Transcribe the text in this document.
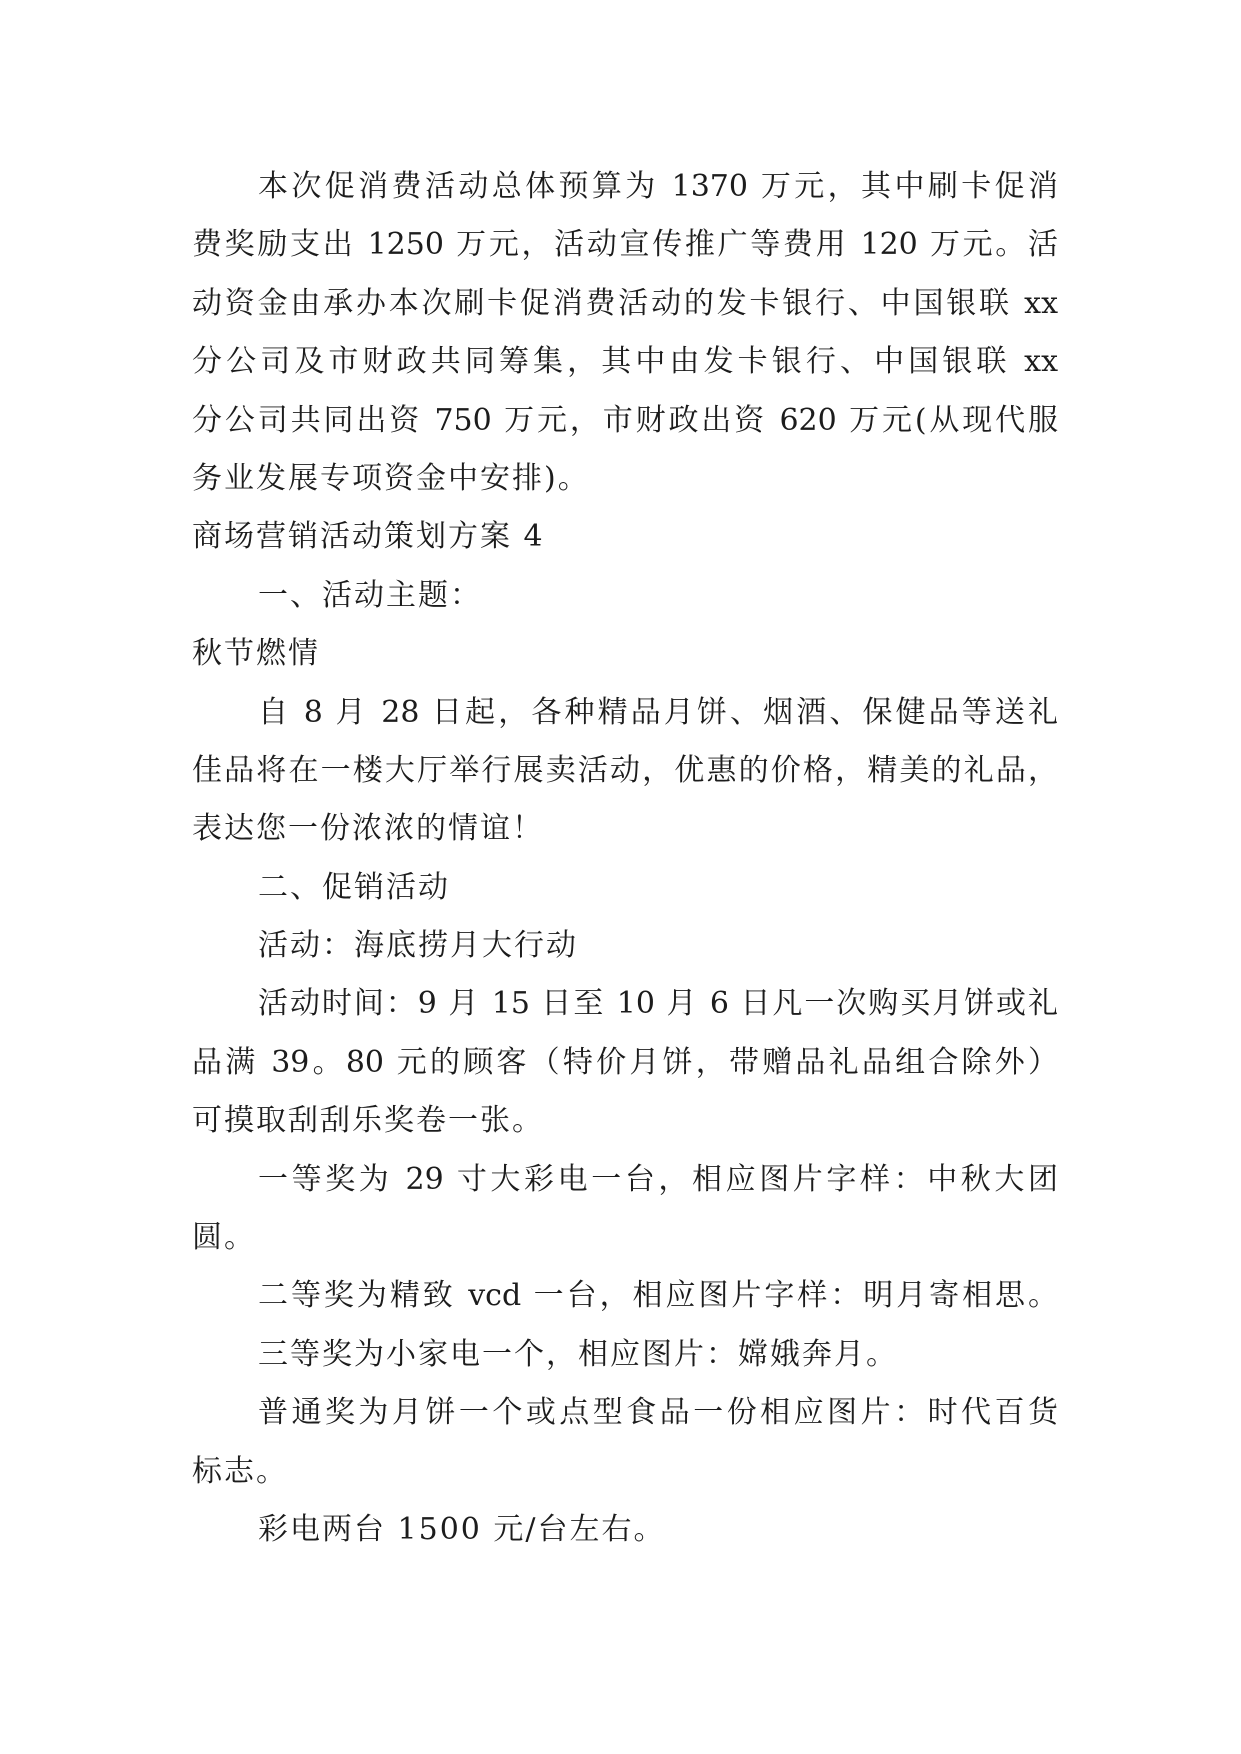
本次促消费活动总体预算为 1370 万元，其中刷卡促消
费奖励支出 1250 万元，活动宣传推广等费用 120 万元。活
动资金由承办本次刷卡促消费活动的发卡银行、中国银联 xx
分公司及市财政共同筹集，其中由发卡银行、中国银联 xx
分公司共同出资 750 万元，市财政出资 620 万元(从现代服
务业发展专项资金中安排)。
商场营销活动策划方案 4
一、活动主题：
秋节燃情
自 8 月 28 日起，各种精品月饼、烟酒、保健品等送礼
佳品将在一楼大厅举行展卖活动，优惠的价格，精美的礼品，
表达您一份浓浓的情谊！
二、促销活动
活动：海底捞月大行动
活动时间：9 月 15 日至 10 月 6 日凡一次购买月饼或礼
品满 39。80 元的顾客（特价月饼，带赠品礼品组合除外）
可摸取刮刮乐奖卷一张。
一等奖为 29 寸大彩电一台，相应图片字样：中秋大团
圆。
二等奖为精致 vcd 一台，相应图片字样：明月寄相思。
三等奖为小家电一个，相应图片：嫦娥奔月。
普通奖为月饼一个或点型食品一份相应图片：时代百货
标志。
彩电两台 1500 元/台左右。
